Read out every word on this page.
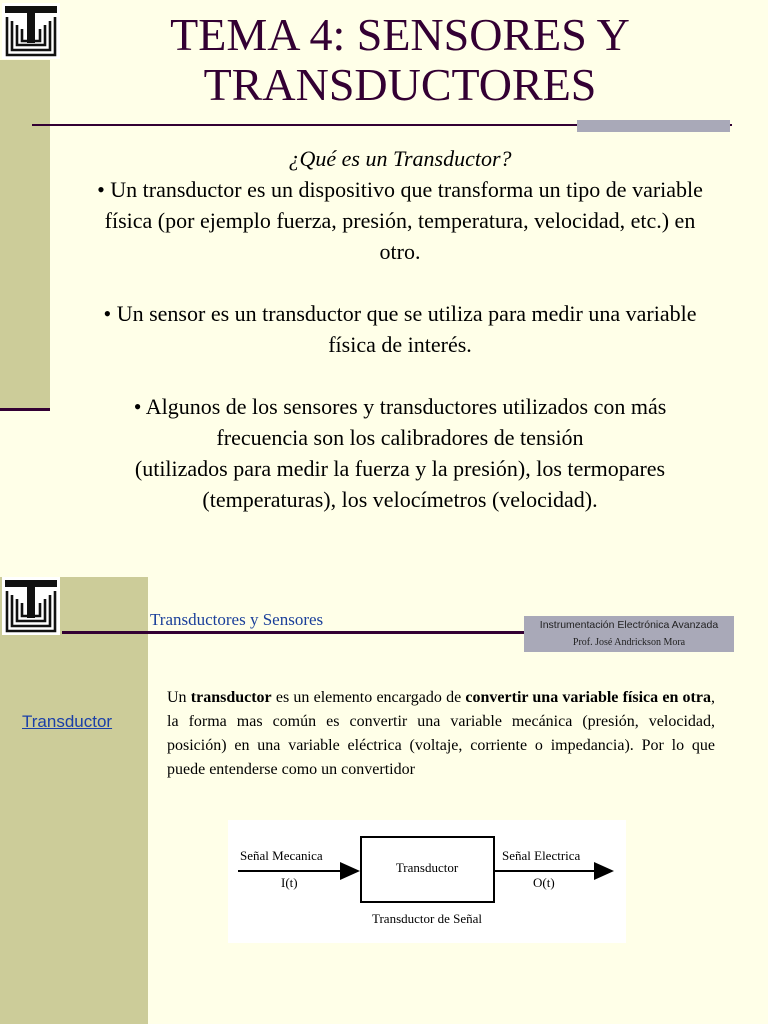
TEMA 4: SENSORES Y
TRANSDUCTORES

¿Qué es un Transductor?

• Un transductor es un dispositivo que transforma un tipo de variable

física (por ejemplo fuerza, presión, temperatura, velocidad, etc.) en

otro.

• Un sensor es un transductor que se utiliza para medir una variable

física de interés.

• Algunos de los sensores y transductores utilizados con más

frecuencia son los calibradores de tensión

(utilizados para medir la fuerza y la presión), los termopares

(temperaturas), los velocímetros (velocidad).

Transductores y Sensores	Instrumentación Electrónica Avanzada
Prof. José Andrickson Mora
Transductor
Un transductor es un elemento encargado de convertir una variable física en otra, la forma mas común es convertir una variable mecánica (presión, velocidad, posición) en una variable eléctrica (voltaje, corriente o impedancia). Por lo que puede entenderse como un convertidor
Señal Mecanica
I(t)
Transductor
Señal Electrica
O(t)
Transductor de Señal
